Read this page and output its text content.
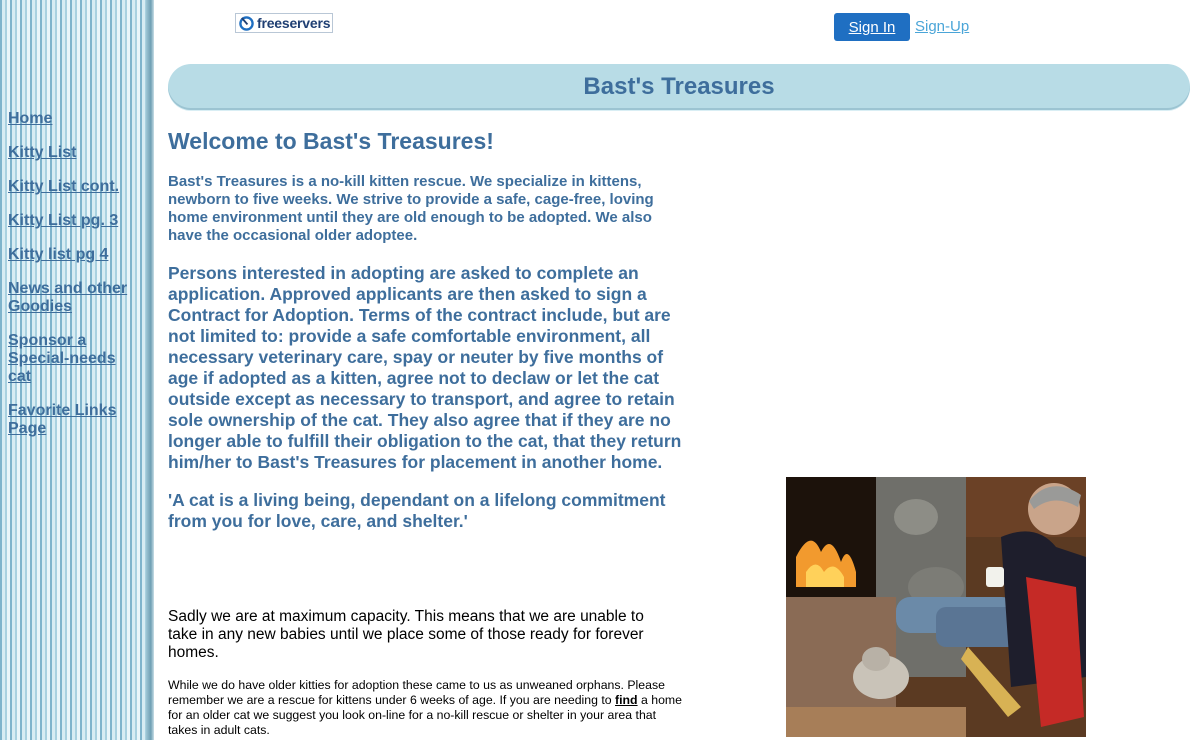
Home
Kitty List
Kitty List cont.
Kitty List pg. 3
Kitty list pg 4
News and other Goodies
Sponsor a Special-needs cat
Favorite Links Page
freeservers	Sign In	Sign-Up
Bast's Treasures
Welcome to Bast's Treasures!

Bast's Treasures is a no-kill kitten rescue. We specialize in kittens, newborn to five weeks. We strive to provide a safe, cage-free, loving home environment until they are old enough to be adopted. We also have the occasional older adoptee.

Persons interested in adopting are asked to complete an application. Approved applicants are then asked to sign a Contract for Adoption. Terms of the contract include, but are not limited to: provide a safe comfortable environment, all necessary veterinary care, spay or neuter by five months of age if adopted as a kitten, agree not to declaw or let the cat outside except as necessary to transport, and agree to retain sole ownership of the cat. They also agree that if they are no longer able to fulfill their obligation to the cat, that they return him/her to Bast's Treasures for placement in another home.

'A cat is a living being, dependant on a lifelong commitment from you for love, care, and shelter.'

Sadly we are at maximum capacity. This means that we are unable to take in any new babies until we place some of those ready for forever homes.
While we do have older kitties for adoption these came to us as unweaned orphans. Please remember we are a rescue for kittens under 6 weeks of age. If you are needing to find a home for an older cat we suggest you look on-line for a no-kill rescue or shelter in your area that takes in adult cats.
